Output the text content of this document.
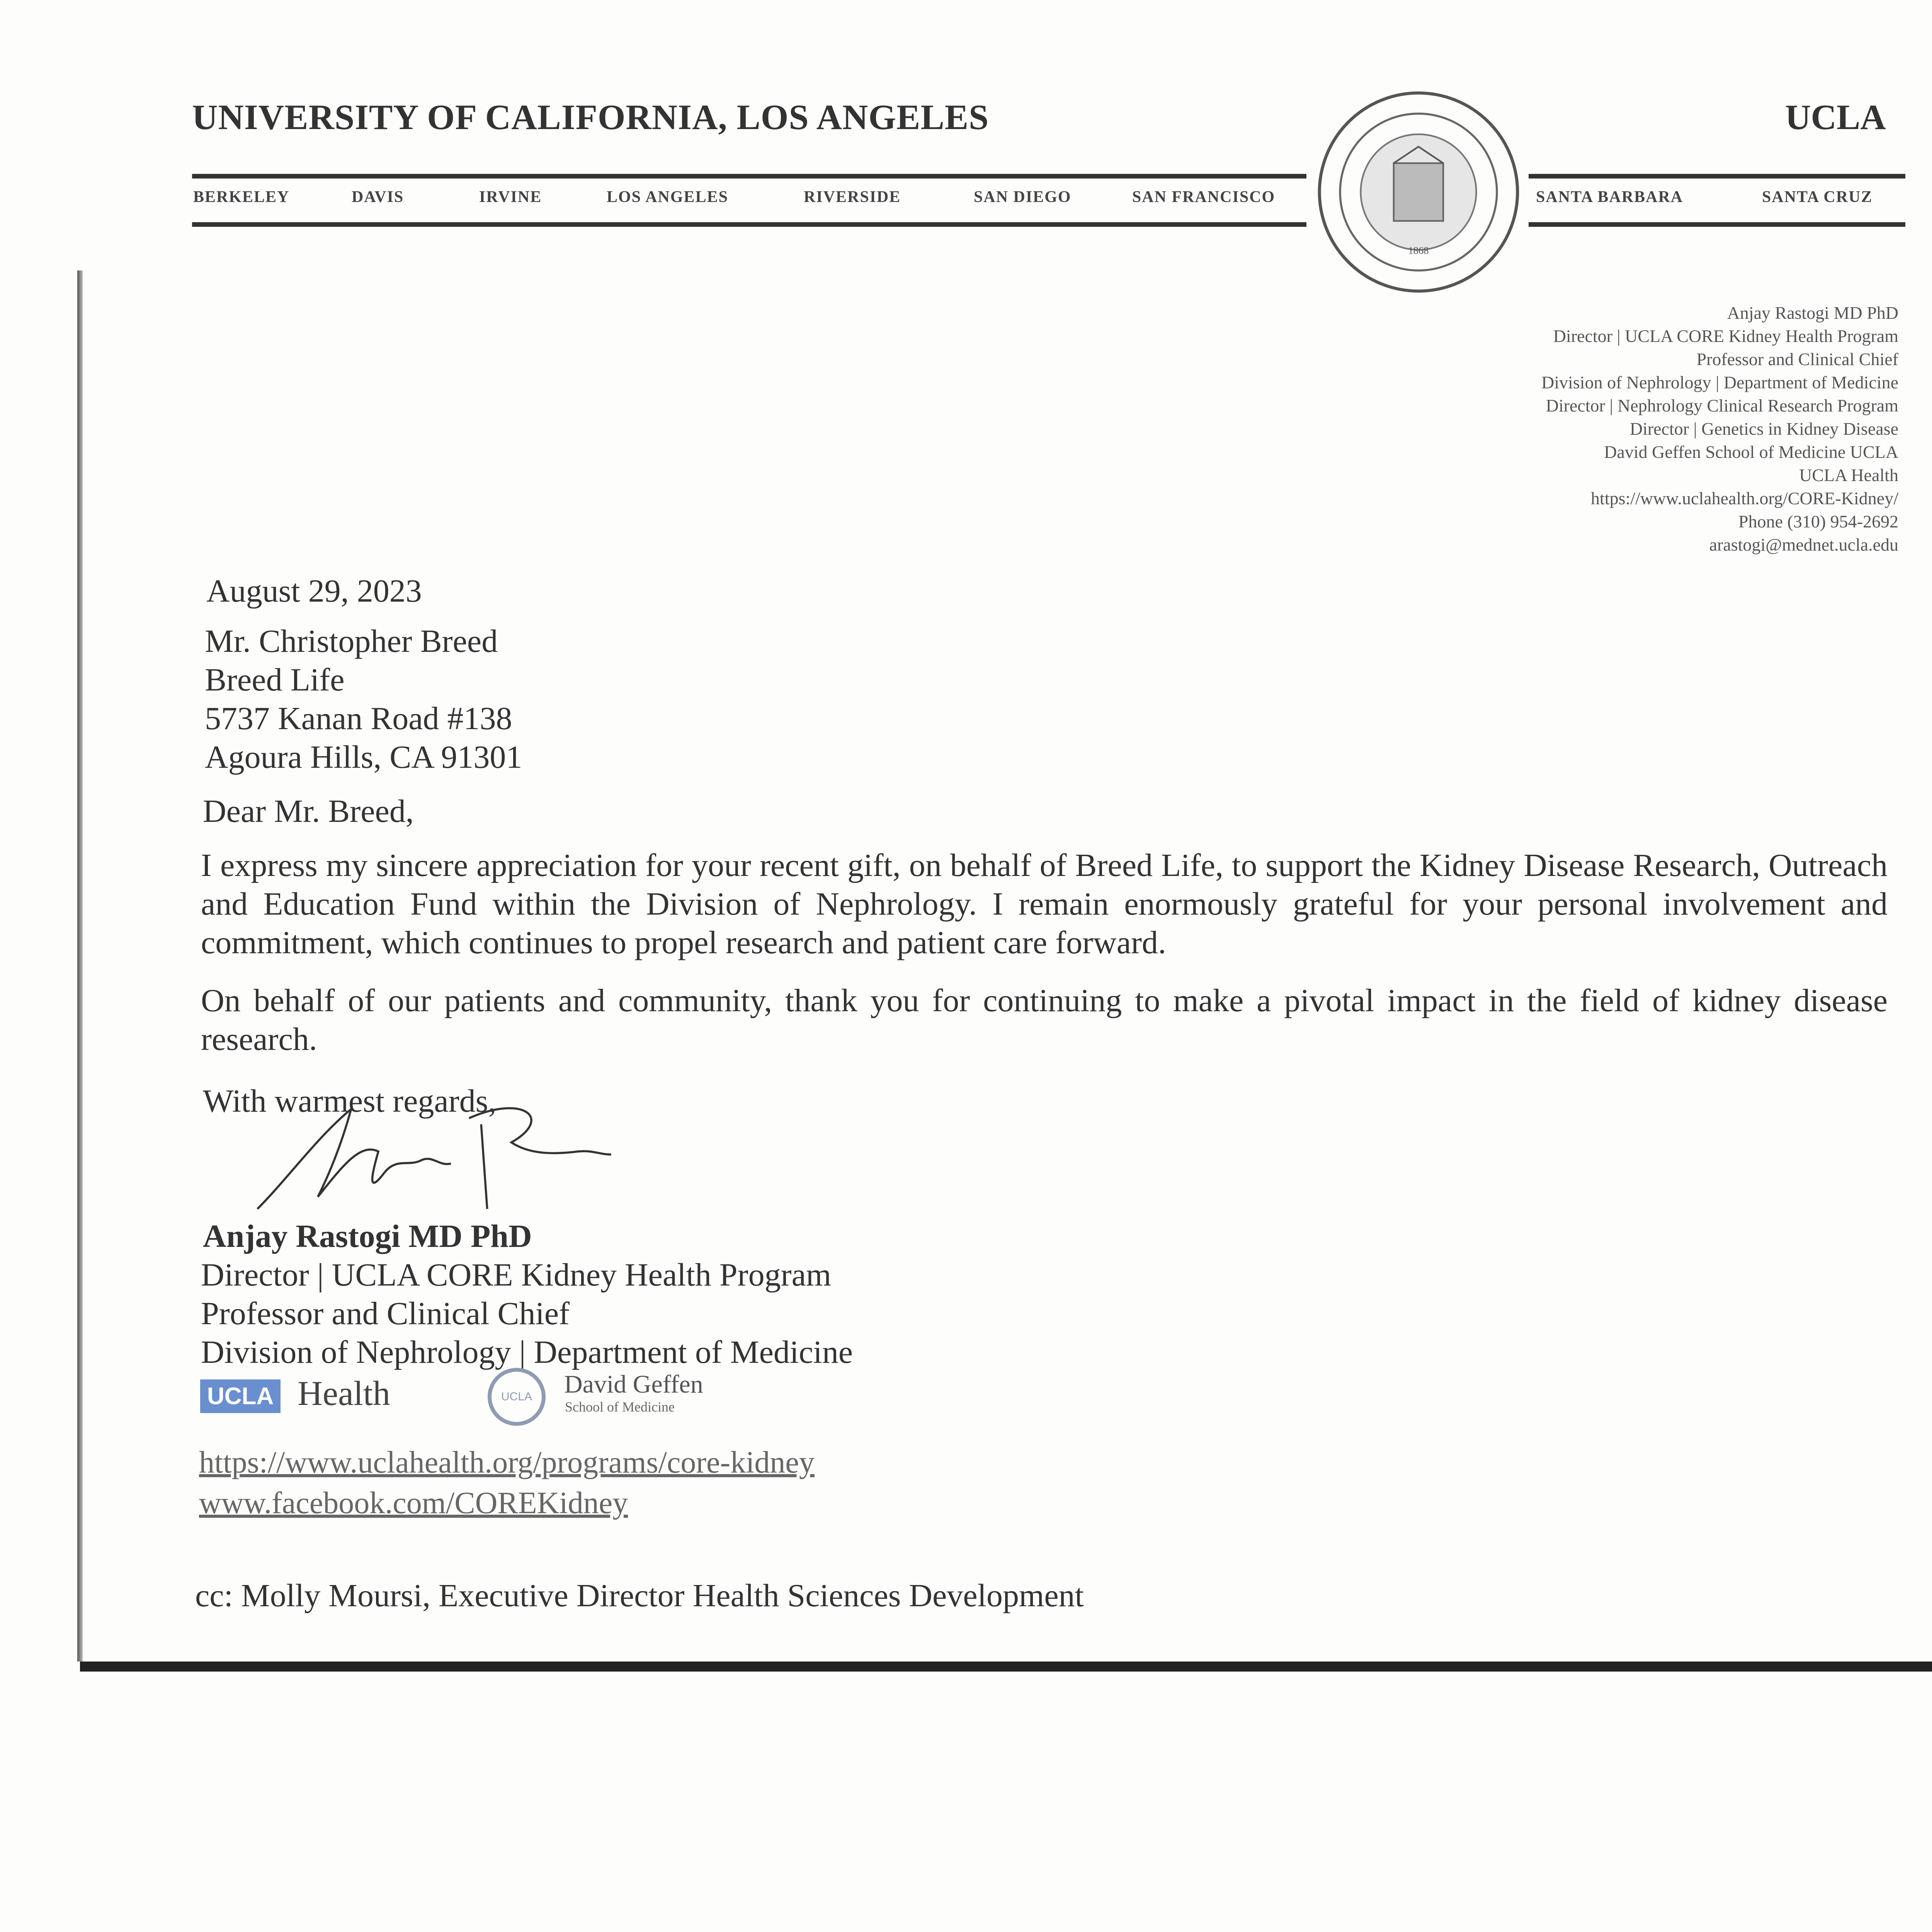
UNIVERSITY OF CALIFORNIA, LOS ANGELES	UCLA
BERKELEY	DAVIS	IRVINE	LOS ANGELES	RIVERSIDE	SAN DIEGO	SAN FRANCISCO	SANTA BARBARA	SANTA CRUZ
1868
Anjay Rastogi MD PhD
Director | UCLA CORE Kidney Health Program
Professor and Clinical Chief
Division of Nephrology | Department of Medicine
Director | Nephrology Clinical Research Program
Director | Genetics in Kidney Disease
David Geffen School of Medicine UCLA
UCLA Health
https://www.uclahealth.org/CORE-Kidney/
Phone (310) 954-2692
arastogi@mednet.ucla.edu
August 29, 2023
Mr. Christopher Breed
Breed Life
5737 Kanan Road #138
Agoura Hills, CA 91301
Dear Mr. Breed,
I express my sincere appreciation for your recent gift, on behalf of Breed Life, to support the Kidney Disease Research, Outreach and Education Fund within the Division of Nephrology. I remain enormously grateful for your personal involvement and commitment, which continues to propel research and patient care forward.
On behalf of our patients and community, thank you for continuing to make a pivotal impact in the field of kidney disease research.
With warmest regards,
Anjay Rastogi MD PhD
Director | UCLA CORE Kidney Health Program
Professor and Clinical Chief
Division of Nephrology | Department of Medicine
UCLA Health	UCLA David Geffen
School of Medicine
https://www.uclahealth.org/programs/core-kidney
www.facebook.com/COREKidney
cc: Molly Moursi, Executive Director Health Sciences Development
